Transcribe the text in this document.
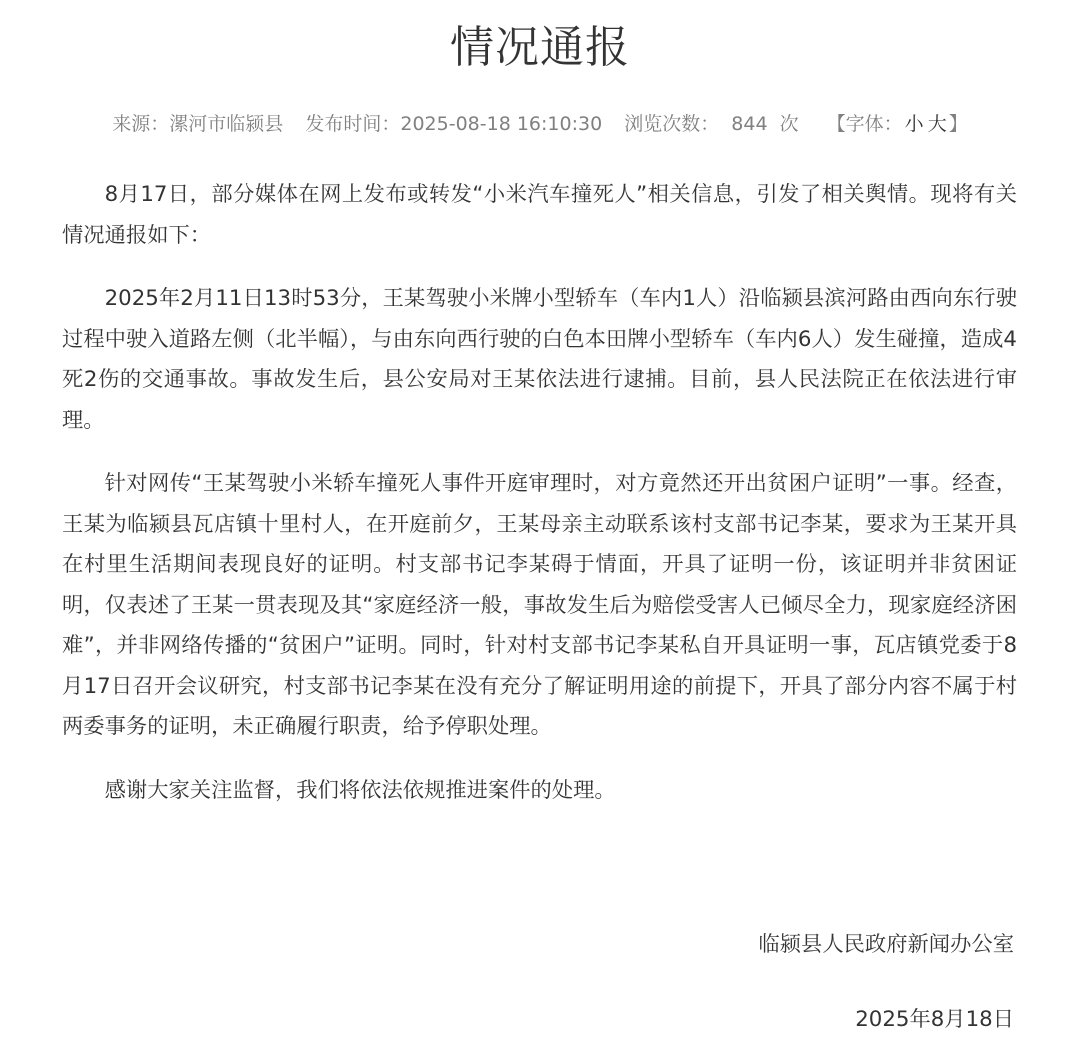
情况通报
来源：漯河市临颍县 发布时间：2025-08-18 16:10:30 浏览次数： 844 次 【字体： 小 大 】

8月17日，部分媒体在网上发布或转发“小米汽车撞死人”相关信息，引发了相关舆情。现将有关情况通报如下：

2025年2月11日13时53分，王某驾驶小米牌小型轿车（车内1人）沿临颍县滨河路由西向东行驶过程中驶入道路左侧（北半幅），与由东向西行驶的白色本田牌小型轿车（车内6人）发生碰撞，造成4死2伤的交通事故。事故发生后，县公安局对王某依法进行逮捕。目前，县人民法院正在依法进行审理。

针对网传“王某驾驶小米轿车撞死人事件开庭审理时，对方竟然还开出贫困户证明”一事。经查，王某为临颍县瓦店镇十里村人，在开庭前夕，王某母亲主动联系该村支部书记李某，要求为王某开具在村里生活期间表现良好的证明。村支部书记李某碍于情面，开具了证明一份，该证明并非贫困证明，仅表述了王某一贯表现及其“家庭经济一般，事故发生后为赔偿受害人已倾尽全力，现家庭经济困难”，并非网络传播的“贫困户”证明。同时，针对村支部书记李某私自开具证明一事，瓦店镇党委于8月17日召开会议研究，村支部书记李某在没有充分了解证明用途的前提下，开具了部分内容不属于村两委事务的证明，未正确履行职责，给予停职处理。

感谢大家关注监督，我们将依法依规推进案件的处理。

临颍县人民政府新闻办公室
2025年8月18日
